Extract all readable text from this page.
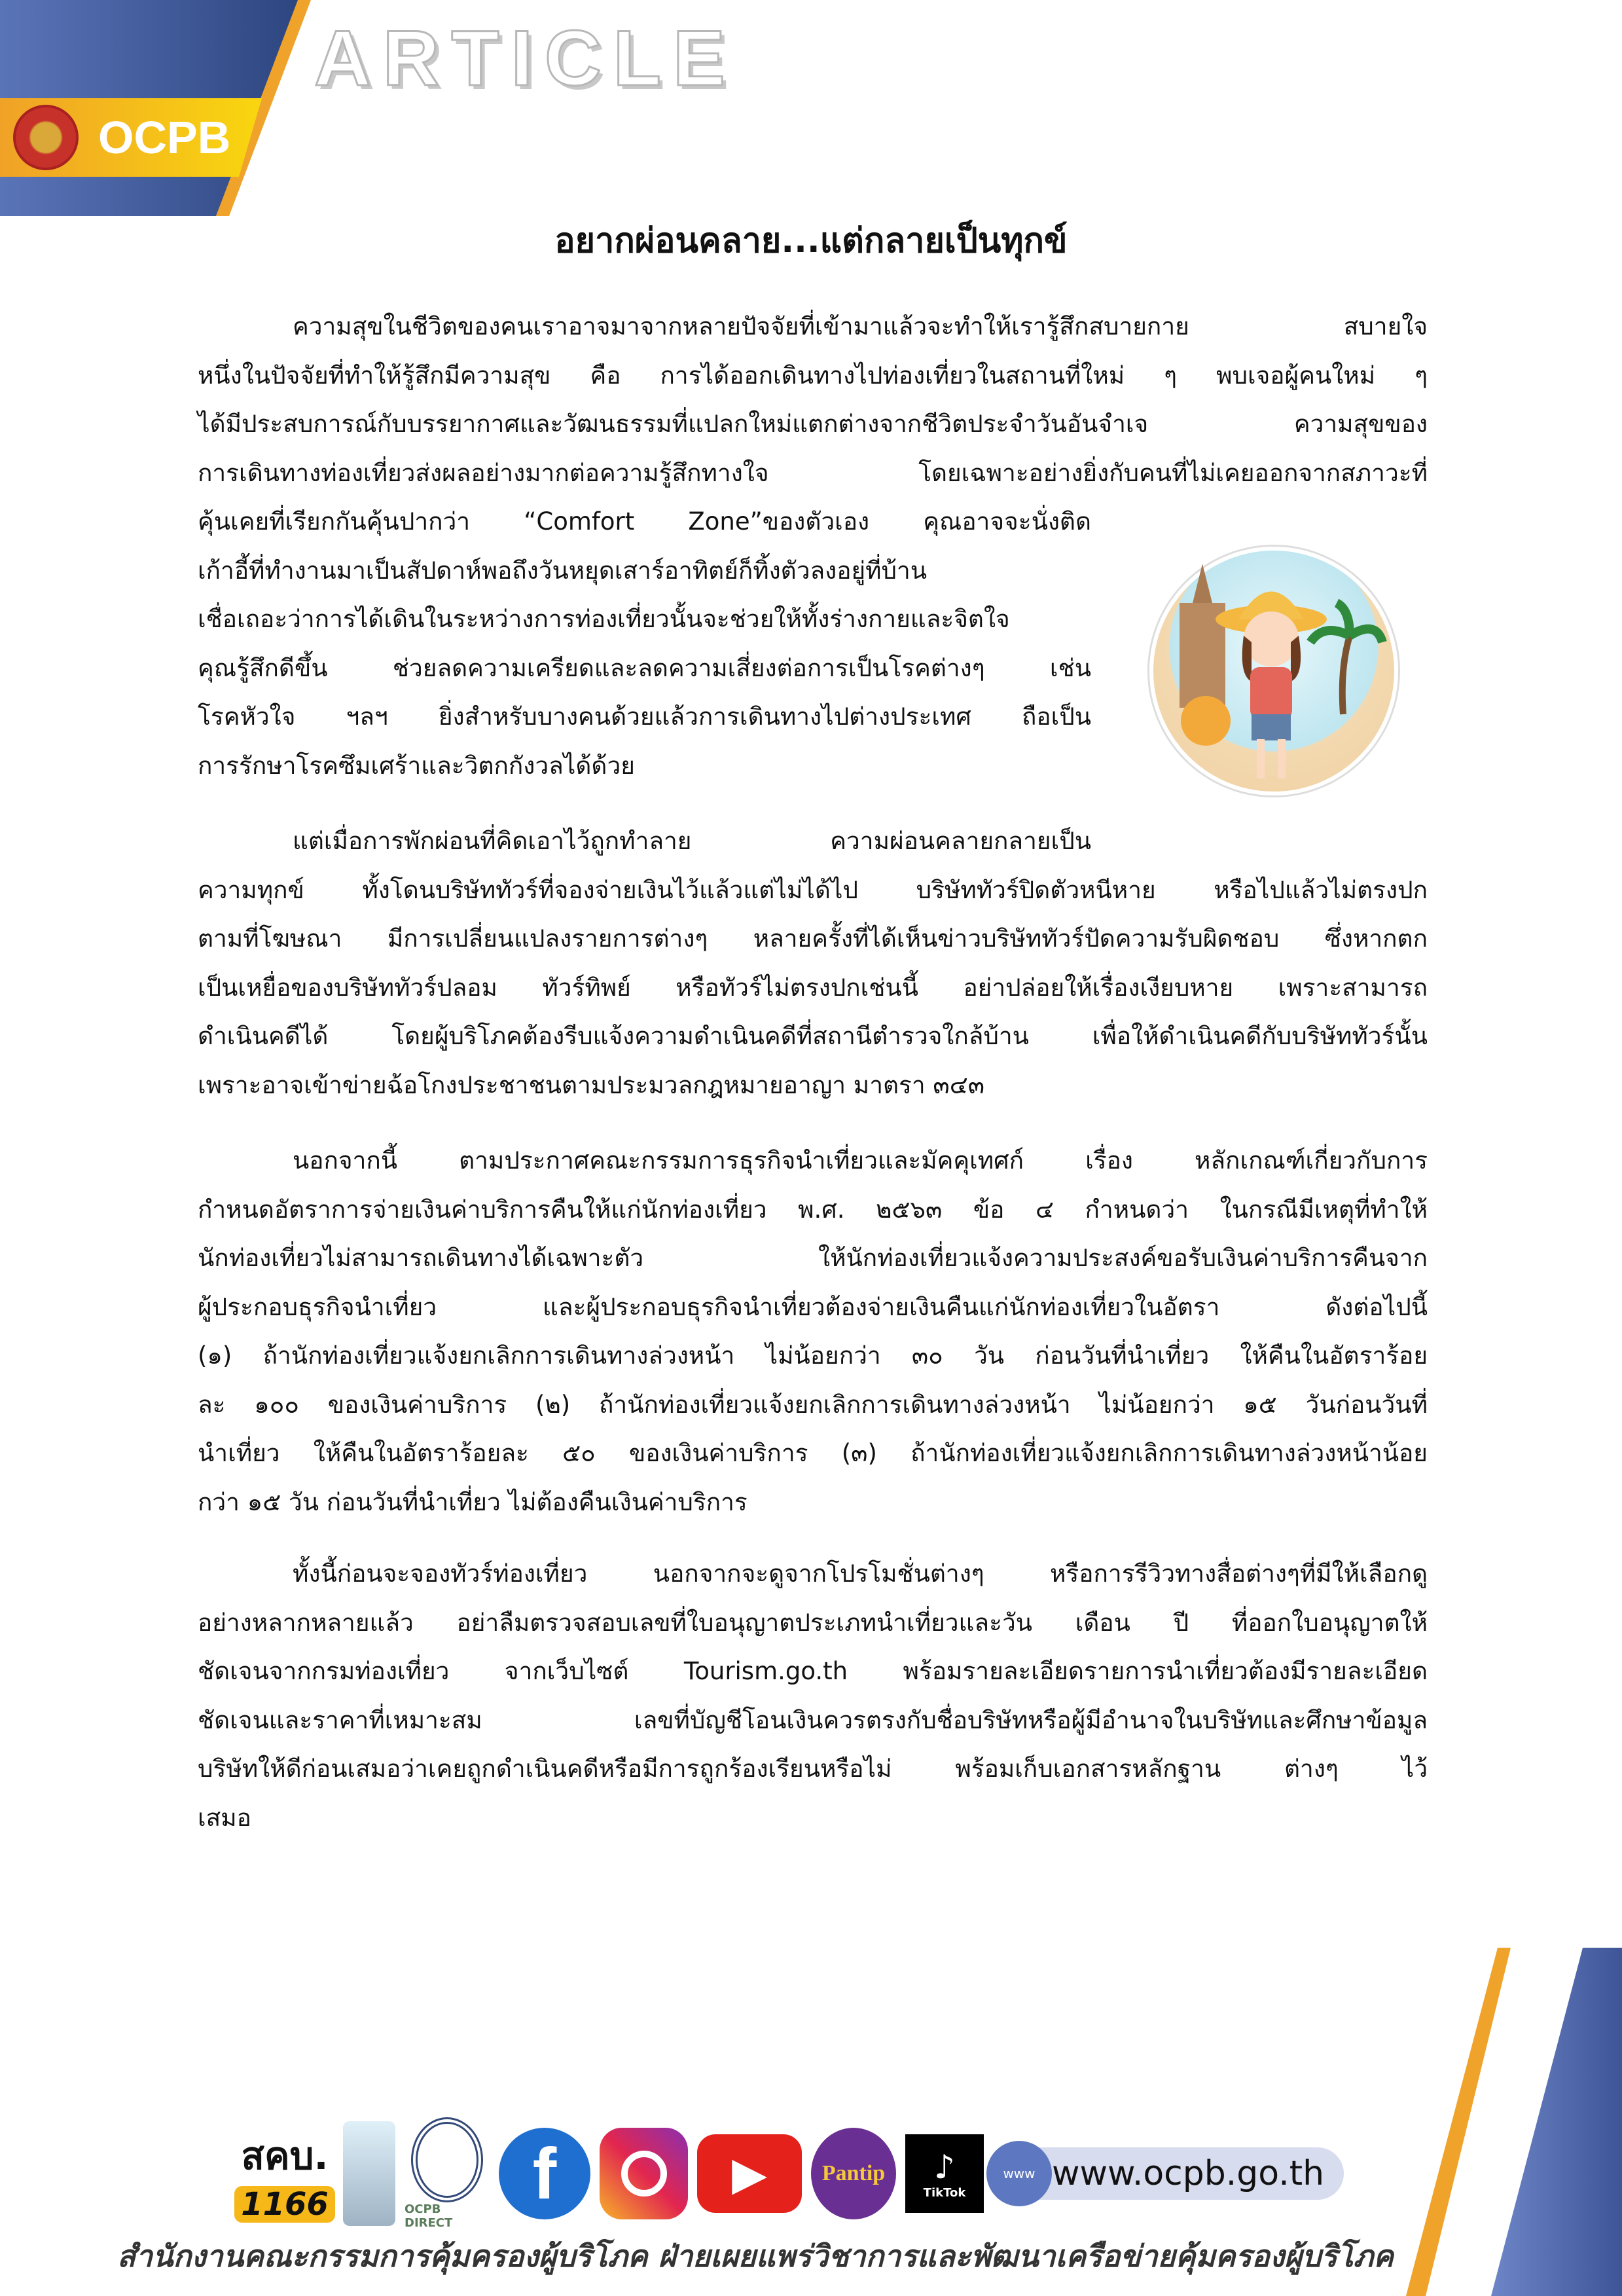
OCPB
ARTICLE
อยากผ่อนคลาย...แต่กลายเป็นทุกข์
ความสุขในชีวิตของคนเราอาจมาจากหลายปัจจัยที่เข้ามาแล้วจะทำให้เรารู้สึกสบายกาย สบายใจ
หนึ่งในปัจจัยที่ทำให้รู้สึกมีความสุข คือ การได้ออกเดินทางไปท่องเที่ยวในสถานที่ใหม่ ๆ พบเจอผู้คนใหม่ ๆ
ได้มีประสบการณ์กับบรรยากาศและวัฒนธรรมที่แปลกใหม่แตกต่างจากชีวิตประจำวันอันจำเจ ความสุขของ
การเดินทางท่องเที่ยวส่งผลอย่างมากต่อความรู้สึกทางใจ โดยเฉพาะอย่างยิ่งกับคนที่ไม่เคยออกจากสภาวะที่
คุ้นเคยที่เรียกกันคุ้นปากว่า “Comfort Zone”ของตัวเอง คุณอาจจะนั่งติด
เก้าอี้ที่ทำงานมาเป็นสัปดาห์พอถึงวันหยุดเสาร์อาทิตย์ก็ทิ้งตัวลงอยู่ที่บ้าน
เชื่อเถอะว่าการได้เดินในระหว่างการท่องเที่ยวนั้นจะช่วยให้ทั้งร่างกายและจิตใจ
คุณรู้สึกดีขึ้น ช่วยลดความเครียดและลดความเสี่ยงต่อการเป็นโรคต่างๆ เช่น
โรคหัวใจ ฯลฯ ยิ่งสำหรับบางคนด้วยแล้วการเดินทางไปต่างประเทศ ถือเป็น
การรักษาโรคซึมเศร้าและวิตกกังวลได้ด้วย
แต่เมื่อการพักผ่อนที่คิดเอาไว้ถูกทำลาย ความผ่อนคลายกลายเป็น
ความทุกข์ ทั้งโดนบริษัททัวร์ที่จองจ่ายเงินไว้แล้วแต่ไม่ได้ไป บริษัททัวร์ปิดตัวหนีหาย หรือไปแล้วไม่ตรงปก
ตามที่โฆษณา มีการเปลี่ยนแปลงรายการต่างๆ หลายครั้งที่ได้เห็นข่าวบริษัททัวร์ปัดความรับผิดชอบ ซึ่งหากตก
เป็นเหยื่อของบริษัททัวร์ปลอม ทัวร์ทิพย์ หรือทัวร์ไม่ตรงปกเช่นนี้ อย่าปล่อยให้เรื่องเงียบหาย เพราะสามารถ
ดำเนินคดีได้ โดยผู้บริโภคต้องรีบแจ้งความดำเนินคดีที่สถานีตำรวจใกล้บ้าน เพื่อให้ดำเนินคดีกับบริษัททัวร์นั้น
เพราะอาจเข้าข่ายฉ้อโกงประชาชนตามประมวลกฎหมายอาญา มาตรา ๓๔๓
นอกจากนี้ ตามประกาศคณะกรรมการธุรกิจนำเที่ยวและมัคคุเทศก์ เรื่อง หลักเกณฑ์เกี่ยวกับการ
กำหนดอัตราการจ่ายเงินค่าบริการคืนให้แก่นักท่องเที่ยว พ.ศ. ๒๕๖๓ ข้อ ๔ กำหนดว่า ในกรณีมีเหตุที่ทำให้
นักท่องเที่ยวไม่สามารถเดินทางได้เฉพาะตัว ให้นักท่องเที่ยวแจ้งความประสงค์ขอรับเงินค่าบริการคืนจาก
ผู้ประกอบธุรกิจนำเที่ยว และผู้ประกอบธุรกิจนำเที่ยวต้องจ่ายเงินคืนแก่นักท่องเที่ยวในอัตรา ดังต่อไปนี้
(๑) ถ้านักท่องเที่ยวแจ้งยกเลิกการเดินทางล่วงหน้า ไม่น้อยกว่า ๓๐ วัน ก่อนวันที่นำเที่ยว ให้คืนในอัตราร้อย
ละ ๑๐๐ ของเงินค่าบริการ (๒) ถ้านักท่องเที่ยวแจ้งยกเลิกการเดินทางล่วงหน้า ไม่น้อยกว่า ๑๕ วันก่อนวันที่
นำเที่ยว ให้คืนในอัตราร้อยละ ๕๐ ของเงินค่าบริการ (๓) ถ้านักท่องเที่ยวแจ้งยกเลิกการเดินทางล่วงหน้าน้อย
กว่า ๑๕ วัน ก่อนวันที่นำเที่ยว ไม่ต้องคืนเงินค่าบริการ
ทั้งนี้ก่อนจะจองทัวร์ท่องเที่ยว นอกจากจะดูจากโปรโมชั่นต่างๆ หรือการรีวิวทางสื่อต่างๆที่มีให้เลือกดู
อย่างหลากหลายแล้ว อย่าลืมตรวจสอบเลขที่ใบอนุญาตประเภทนำเที่ยวและวัน เดือน ปี ที่ออกใบอนุญาตให้
ชัดเจนจากกรมท่องเที่ยว จากเว็บไซต์ Tourism.go.th พร้อมรายละเอียดรายการนำเที่ยวต้องมีรายละเอียด
ชัดเจนและราคาที่เหมาะสม เลขที่บัญชีโอนเงินควรตรงกับชื่อบริษัทหรือผู้มีอำนาจในบริษัทและศึกษาข้อมูล
บริษัทให้ดีก่อนเสมอว่าเคยถูกดำเนินคดีหรือมีการถูกร้องเรียนหรือไม่ พร้อมเก็บเอกสารหลักฐาน ต่างๆ ไว้
เสมอ
สคบ.
1166	OCPB DIRECT
f	▶	Pantip ♪
TikTok
www www.ocpb.go.th
สำนักงานคณะกรรมการคุ้มครองผู้บริโภค ฝ่ายเผยแพร่วิชาการและพัฒนาเครือข่ายคุ้มครองผู้บริโภค
